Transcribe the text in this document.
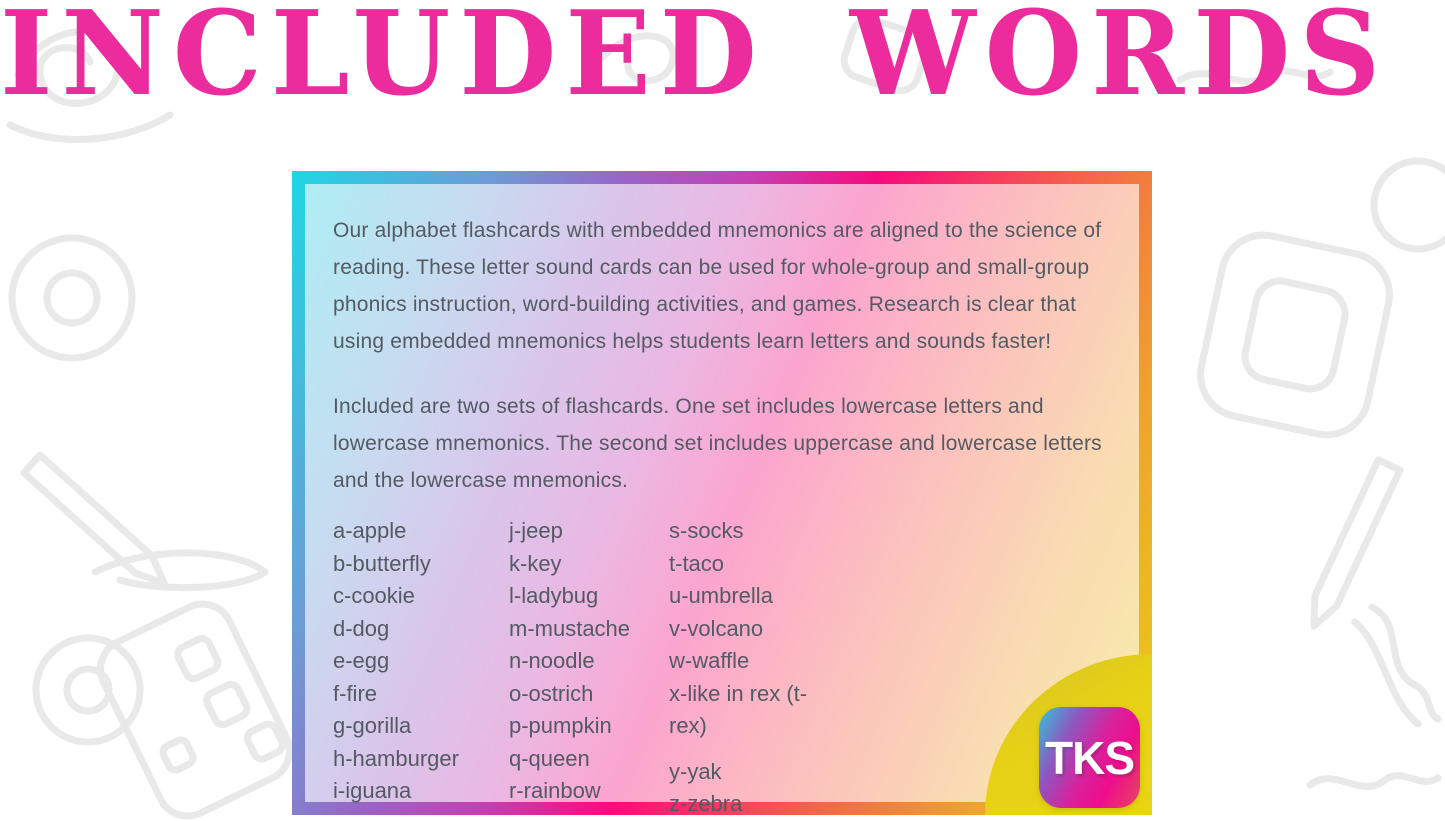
INCLUDED WORDS

Our alphabet flashcards with embedded mnemonics are aligned to the science of reading. These letter sound cards can be used for whole-group and small-group phonics instruction, word-building activities, and games. Research is clear that using embedded mnemonics helps students learn letters and sounds faster!

Included are two sets of flashcards. One set includes lowercase letters and lowercase mnemonics. The second set includes uppercase and lowercase letters and the lowercase mnemonics.

a-apple
b-butterfly
c-cookie
d-dog
e-egg
f-fire
g-gorilla
h-hamburger
i-iguana
j-jeep
k-key
l-ladybug
m-mustache
n-noodle
o-ostrich
p-pumpkin
q-queen
r-rainbow
s-socks
t-taco
u-umbrella
v-volcano
w-waffle
x-like in rex (t-rex)
y-yak
z-zebra
TKS
